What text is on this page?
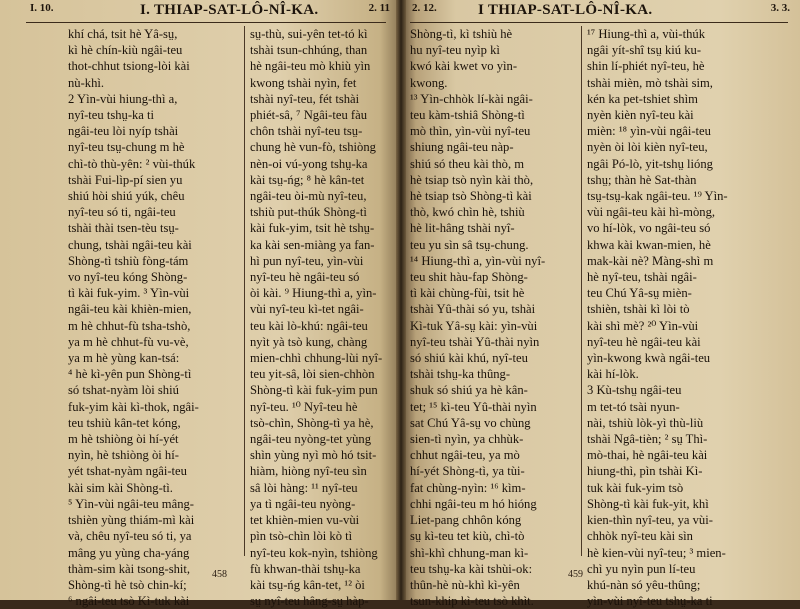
I. 10.	I. THIAP-SAT-LÔ-NÎ-KA.	2. 11
khí chá, tsit hè Yâ-sṳ,
kì hè chín-kiù ngâi-teu
thot-chhut tsiong-lòi kài
nù-khì.
2 Yìn-vùi hiung-thì a,
nyî-teu tshṳ-ka ti
ngâi-teu lòi nyíp tshài
nyî-teu tsṳ-chung m hè
chì-tò thù-yên: ² vùi-thúk
tshài Fui-lìp-pí sien yu
shiú hòi shiú yúk, chêu
nyî-teu só ti, ngâi-teu
tshài thài tsen-tèu tsṳ-
chung, tshài ngâi-teu kài
Shòng-tì tshiù fòng-tám
vo nyî-teu kóng Shòng-
tì kài fuk-yim. ³ Yìn-vùi
ngâi-teu kài khièn-mien,
m hè chhut-fù tsha-tshò,
ya m hè chhut-fù vu-vè,
ya m hè yùng kan-tsá:
⁴ hè kì-yên pun Shòng-tì
só tshat-nyàm lòi shiú
fuk-yim kài kì-thok, ngâi-
teu tshiù kân-tet kóng,
m hè tshiòng òi hí-yét
nyìn, hè tshiòng òi hí-
yét tshat-nyàm ngâi-teu
kài sim kài Shòng-tì.
⁵ Yìn-vùi ngâi-teu mâng-
tshièn yùng thiám-mì kài
và, chêu nyî-teu só ti, ya
mâng yu yùng cha-yáng
thàm-sim kài tsong-shit,
Shòng-tì hè tsò chin-kí;
⁶ ngâi-teu tsò Kì-tuk kài
sṳ-thù, sui-yên tet-tó kì
tshài tsun-chhúng, than
hè ngâi-teu mò khiù yìn
kwong tshài nyìn, fet
tshài nyî-teu, fét tshài
phiét-sâ, ⁷ Ngâi-teu fàu
chôn tshài nyî-teu tsṳ-
chung hè vun-fò, tshiòng
nèn-oi vú-yong tshṳ-ka
kài tsṳ-ńg; ⁸ hè kân-tet
ngâi-teu òi-mù nyî-teu,
tshiù put-thúk Shòng-tì
kài fuk-yim, tsit hè tshṳ-
ka kài sen-miàng ya fan-
hì pun nyî-teu, yìn-vùi
nyî-teu hè ngâi-teu só
òi kài. ⁹ Hiung-thì a, yìn-
vùi nyî-teu kì-tet ngâi-
teu kài lò-khú: ngâi-teu
nyìt yà tsò kung, chàng
mien-chhì chhung-lùi nyî-
teu yit-sâ, lòi sien-chhòn
Shòng-tì kài fuk-yim pun
nyî-teu. ¹⁰ Nyî-teu hè
tsò-chìn, Shòng-tì ya hè,
ngâi-teu nyòng-tet yùng
shìn yùng nyì mò hó tsit-
hiàm, hiòng nyî-teu sìn
sâ lòi hàng: ¹¹ nyî-teu
ya tì ngâi-teu nyòng-
tet khièn-mien vu-vùi
pìn tsò-chìn lòi kò tì
nyî-teu kok-nyìn, tshiòng
fù khwan-thài tshṳ-ka
kài tsṳ-ńg kân-tet, ¹² òi
sṳ nyî-teu hâng-sṳ hàp-
458
2. 12.	I THIAP-SAT-LÔ-NÎ-KA.	3. 3.
Shòng-tì, kì tshiù hè
hu nyî-teu nyìp kì
kwó kài kwet vo yìn-
kwong.
¹³ Yìn-chhòk lí-kài ngâi-
teu kàm-tshiâ Shòng-tì
mò thìn, yìn-vùi nyî-teu
shiung ngâi-teu nàp-
shiú só theu kài thò, m
hè tsiap tsò nyìn kài thò,
hè tsiap tsò Shòng-tì kài
thò, kwó chìn hè, tshiù
hè lit-hâng tshài nyî-
teu yu sìn sâ tsṳ-chung.
¹⁴ Hiung-thì a, yìn-vùi nyî-
teu shit hàu-fap Shòng-
tì kài chùng-fùi, tsit hè
tshài Yû-thài só yu, tshài
Kì-tuk Yâ-sṳ kài: yìn-vùi
nyî-teu tshài Yû-thài nyìn
só shiú kài khú, nyî-teu
tshài tshṳ-ka thûng-
shuk só shiú ya hè kân-
tet; ¹⁵ kì-teu Yû-thài nyìn
sat Chú Yâ-sṳ vo chùng
sien-tì nyìn, ya chhùk-
chhut ngâi-teu, ya mò
hí-yét Shòng-tì, ya tùi-
fat chùng-nyìn: ¹⁶ kìm-
chhi ngâi-teu m hó hióng
Liet-pang chhôn kóng
sṳ kì-teu tet kiù, chì-tò
shì-khì chhung-man kì-
teu tshṳ-ka kài tshùi-ok:
thûn-hè nù-khì kì-yên
tsun-khip kì-teu tsò khìt.
¹⁷ Hiung-thì a, vùi-thúk
ngâi yít-shî tsṳ kiú ku-
shin lí-phiét nyî-teu, hè
tshài mièn, mò tshài sim,
kén ka pet-tshiet shìm
nyèn kièn nyî-teu kài
mièn: ¹⁸ yìn-vùi ngâi-teu
nyèn òi lòi kièn nyî-teu,
ngâi Pó-lò, yit-tshṳ lióng
tshṳ; thàn hè Sat-thàn
tsṳ-tsṳ-kak ngâi-teu. ¹⁹ Yìn-
vùi ngâi-teu kài hì-mòng,
vo hí-lòk, vo ngâi-teu só
khwa kài kwan-mien, hè
mak-kài nè? Màng-shì m
hè nyî-teu, tshài ngâi-
teu Chú Yâ-sṳ mièn-
tshièn, tshài kì lòi tò
kài shì mè? ²⁰ Yìn-vùi
nyî-teu hè ngâi-teu kài
yìn-kwong kwà ngâi-teu
kài hí-lòk.
3 Kù-tshṳ ngâi-teu
m tet-tó tsài nyun-
nài, tshiù lòk-yì thù-liù
tshài Ngâ-tièn; ² sṳ Thì-
mò-thai, hè ngâi-teu kài
hiung-thì, pìn tshài Kì-
tuk kài fuk-yim tsò
Shòng-tì kài fuk-yit, khì
kien-thìn nyî-teu, ya vùi-
chhòk nyî-teu kài sìn
hè kien-vùi nyî-teu; ³ mien-
chì yu nyìn pun lí-teu
khú-nàn só yêu-thûng;
yìn-vùi nyî-teu tshṳ-ka ti
459
